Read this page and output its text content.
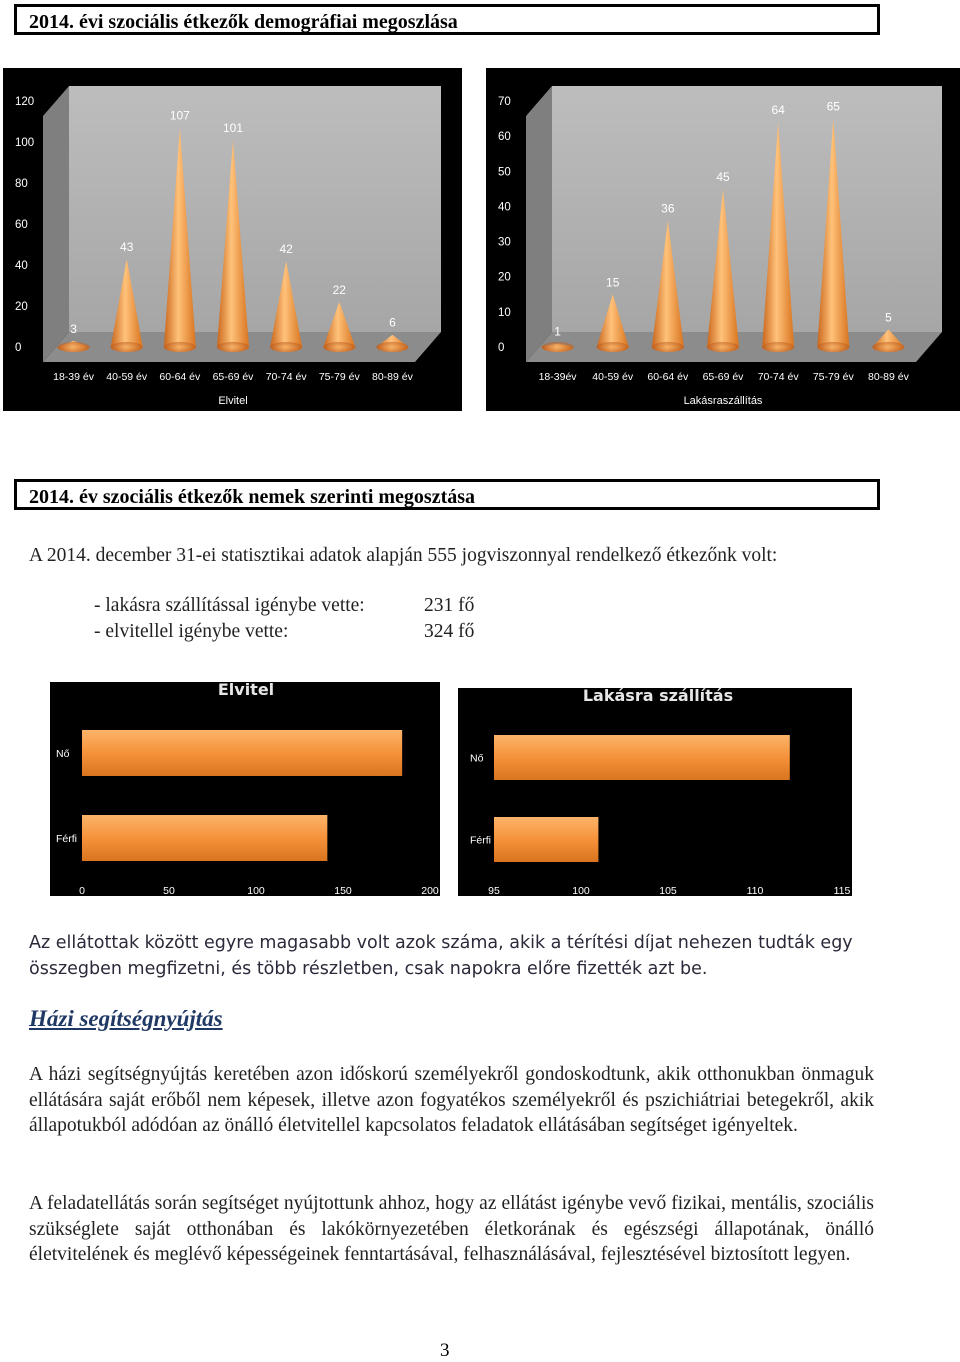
2014. évi szociális étkezők demográfiai megoszlása
0
20
40
60
80
100
120
3
18-39 év
43
40-59 év
107
60-64 év
101
65-69 év
42
70-74 év
22
75-79 év
6
80-89 év
Elvitel
0
10
20
30
40
50
60
70
1
18-39év
15
40-59 év
36
60-64 év
45
65-69 év
64
70-74 év
65
75-79 év
5
80-89 év
Lakásraszállítás
2014. év szociális étkezők nemek szerinti megosztása
A 2014. december 31-ei statisztikai adatok alapján 555 jogviszonnyal rendelkező étkezőnk volt:
- lakásra szállítással igénybe vette:	231 fő
- elvitellel igénybe vette:	324 fő
Elvitel
Nő
Férfi
0	50	100	150	200
Lakásra szállítás
Nő
Férfi
95	100	105	110	115
Az ellátottak között egyre magasabb volt azok száma, akik a térítési díjat nehezen tudták egy összegben megfizetni, és több részletben, csak napokra előre fizették azt be.
Házi segítségnyújtás
A házi segítségnyújtás keretében azon időskorú személyekről gondoskodtunk, akik otthonukban önmaguk ellátására saját erőből nem képesek, illetve azon fogyatékos személyekről és pszichiátriai betegekről, akik állapotukból adódóan az önálló életvitellel kapcsolatos feladatok ellátásában segítséget igényeltek.
A feladatellátás során segítséget nyújtottunk ahhoz, hogy az ellátást igénybe vevő fizikai, mentális, szociális szükséglete saját otthonában és lakókörnyezetében életkorának és egészségi állapotának, önálló életvitelének és meglévő képességeinek fenntartásával, felhasználásával, fejlesztésével biztosított legyen.
3
